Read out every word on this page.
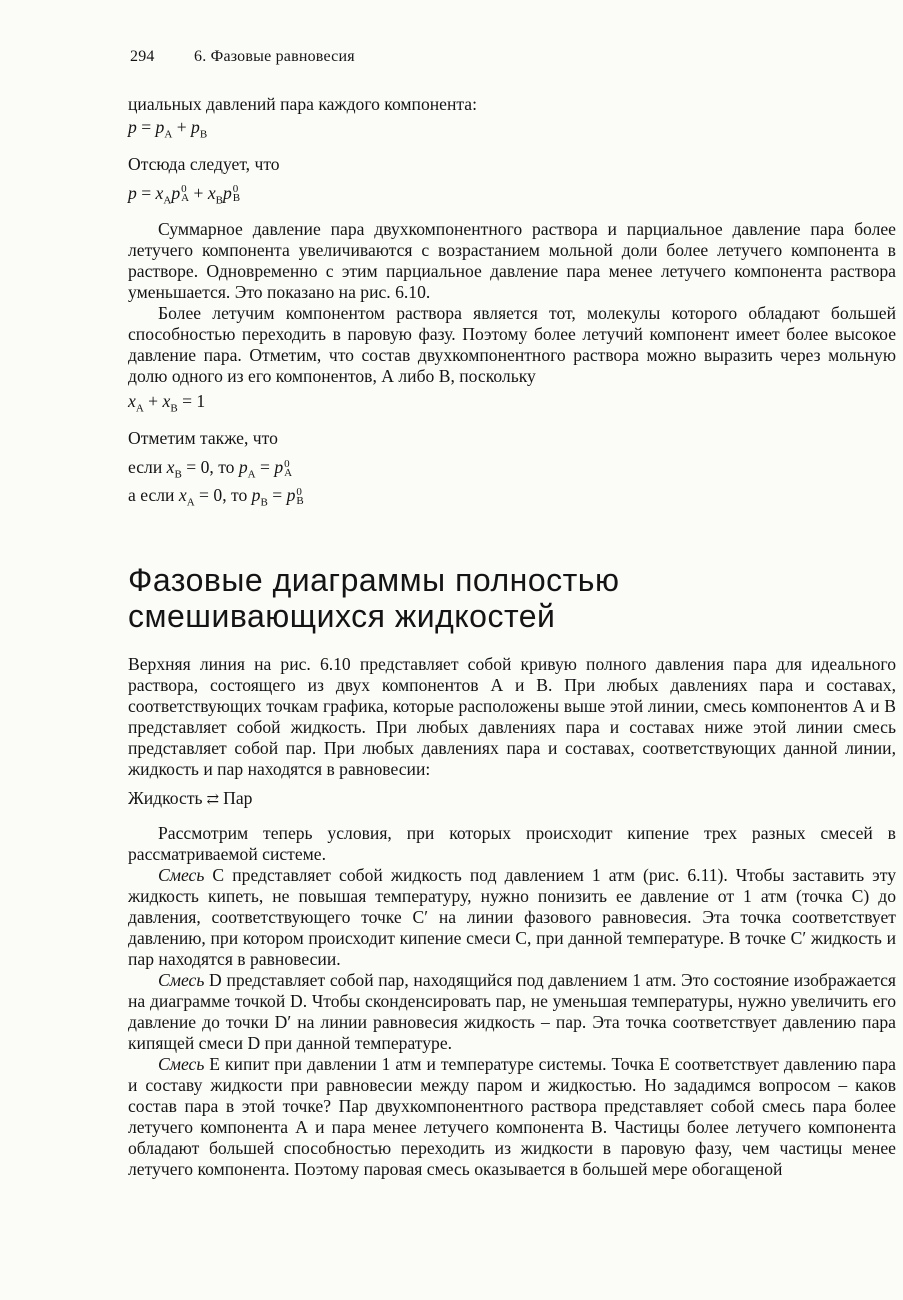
294 6. Фазовые равновесия

циальных давлений пара каждого компонента:

$p = p_A + p_B$

Отсюда следует, что

$p = x_Ap$ 0
$A + x_Bp$ 0
B

Суммарное давление пара двухкомпонентного раствора и парциальное давление пара более летучего компонента увеличиваются с возрастанием мольной доли более летучего компонента в растворе. Одновременно с этим парциальное давление пара менее летучего компонента раствора уменьшается. Это показано на рис. 6.10.

Более летучим компонентом раствора является тот, молекулы которого обладают большей способностью переходить в паровую фазу. Поэтому более летучий компонент имеет более высокое давление пара. Отметим, что состав двухкомпонентного раствора можно выразить через мольную долю одного из его компонентов, А либо В, поскольку

$x_A + x_B = 1$

Отметим также, что

если $x_B = 0$, то $p_A = p$ 0
A
а если $x_A = 0$, то $p_B = p$ 0
B
Фазовые диаграммы полностью
смешивающихся жидкостей

Верхняя линия на рис. 6.10 представляет собой кривую полного давления пара для идеального раствора, состоящего из двух компонентов А и В. При любых давлениях пара и составах, соответствующих точкам графика, которые расположены выше этой линии, смесь компонентов А и В представляет собой жидкость. При любых давлениях пара и составах ниже этой линии смесь представляет собой пар. При любых давлениях пара и составах, соответствующих данной линии, жидкость и пар находятся в равновесии:

Жидкость ⇄ Пар

Рассмотрим теперь условия, при которых происходит кипение трех разных смесей в рассматриваемой системе.

Смесь С представляет собой жидкость под давлением 1 атм (рис. 6.11). Чтобы заставить эту жидкость кипеть, не повышая температуру, нужно понизить ее давление от 1 атм (точка C) до давления, соответствующего точке C′ на линии фазового равновесия. Эта точка соответствует давлению, при котором происходит кипение смеси С, при данной температуре. В точке C′ жидкость и пар находятся в равновесии.

Смесь D представляет собой пар, находящийся под давлением 1 атм. Это состояние изображается на диаграмме точкой D. Чтобы сконденсировать пар, не уменьшая температуры, нужно увеличить его давление до точки D′ на линии равновесия жидкость – пар. Эта точка соответствует давлению пара кипящей смеси D при данной температуре.

Смесь Е кипит при давлении 1 атм и температуре системы. Точка E соответствует давлению пара и составу жидкости при равновесии между паром и жидкостью. Но зададимся вопросом – каков состав пара в этой точке? Пар двухкомпонентного раствора представляет собой смесь пара более летучего компонента А и пара менее летучего компонента В. Частицы более летучего компонента обладают большей способностью переходить из жидкости в паровую фазу, чем частицы менее летучего компонента. Поэтому паровая смесь оказывается в большей мере обогащеной
